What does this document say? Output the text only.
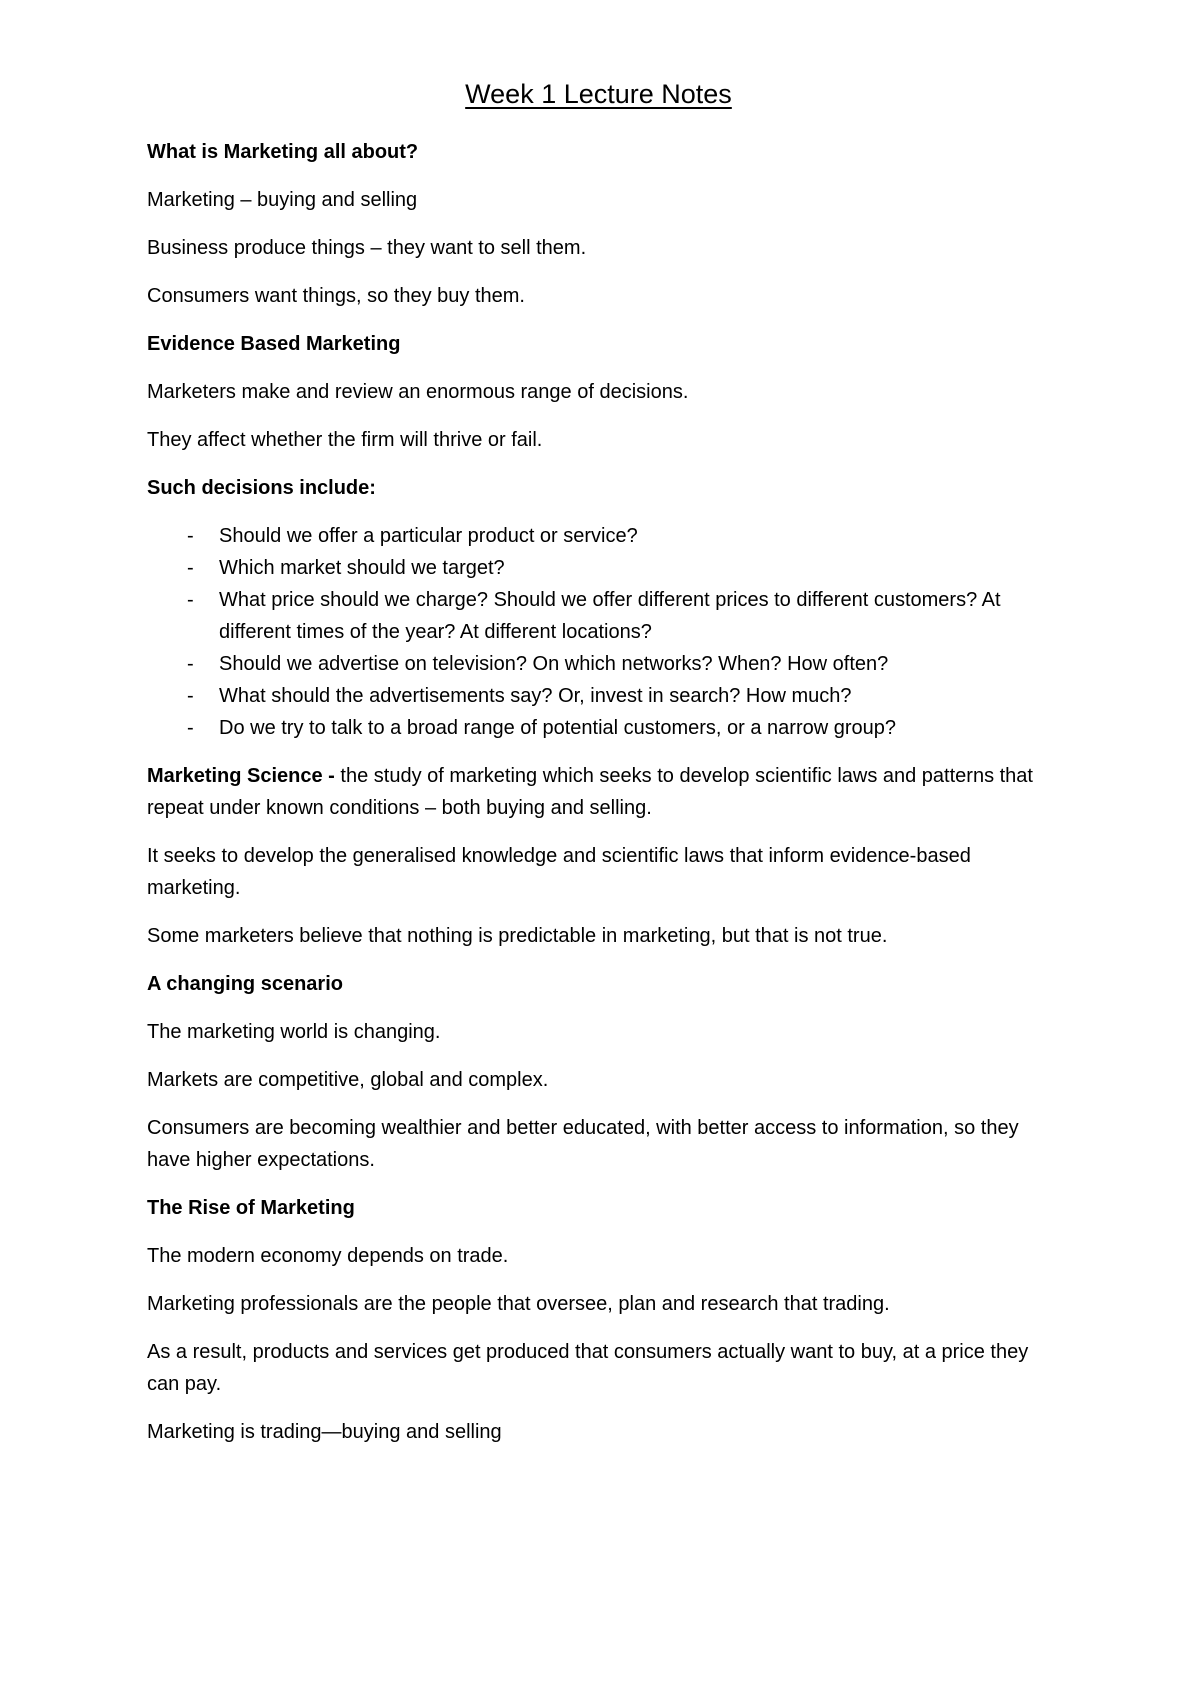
Week 1 Lecture Notes
What is Marketing all about?
Marketing – buying and selling
Business produce things – they want to sell them.
Consumers want things, so they buy them.
Evidence Based Marketing
Marketers make and review an enormous range of decisions.
They affect whether the firm will thrive or fail.
Such decisions include:
- Should we offer a particular product or service?
- Which market should we target?
- What price should we charge? Should we offer different prices to different customers? At different times of the year? At different locations?
- Should we advertise on television? On which networks? When? How often?
- What should the advertisements say? Or, invest in search? How much?
- Do we try to talk to a broad range of potential customers, or a narrow group?
Marketing Science - the study of marketing which seeks to develop scientific laws and patterns that repeat under known conditions – both buying and selling.
It seeks to develop the generalised knowledge and scientific laws that inform evidence-based marketing.
Some marketers believe that nothing is predictable in marketing, but that is not true.
A changing scenario
The marketing world is changing.
Markets are competitive, global and complex.
Consumers are becoming wealthier and better educated, with better access to information, so they have higher expectations.
The Rise of Marketing
The modern economy depends on trade.
Marketing professionals are the people that oversee, plan and research that trading.
As a result, products and services get produced that consumers actually want to buy, at a price they can pay.
Marketing is trading—buying and selling
